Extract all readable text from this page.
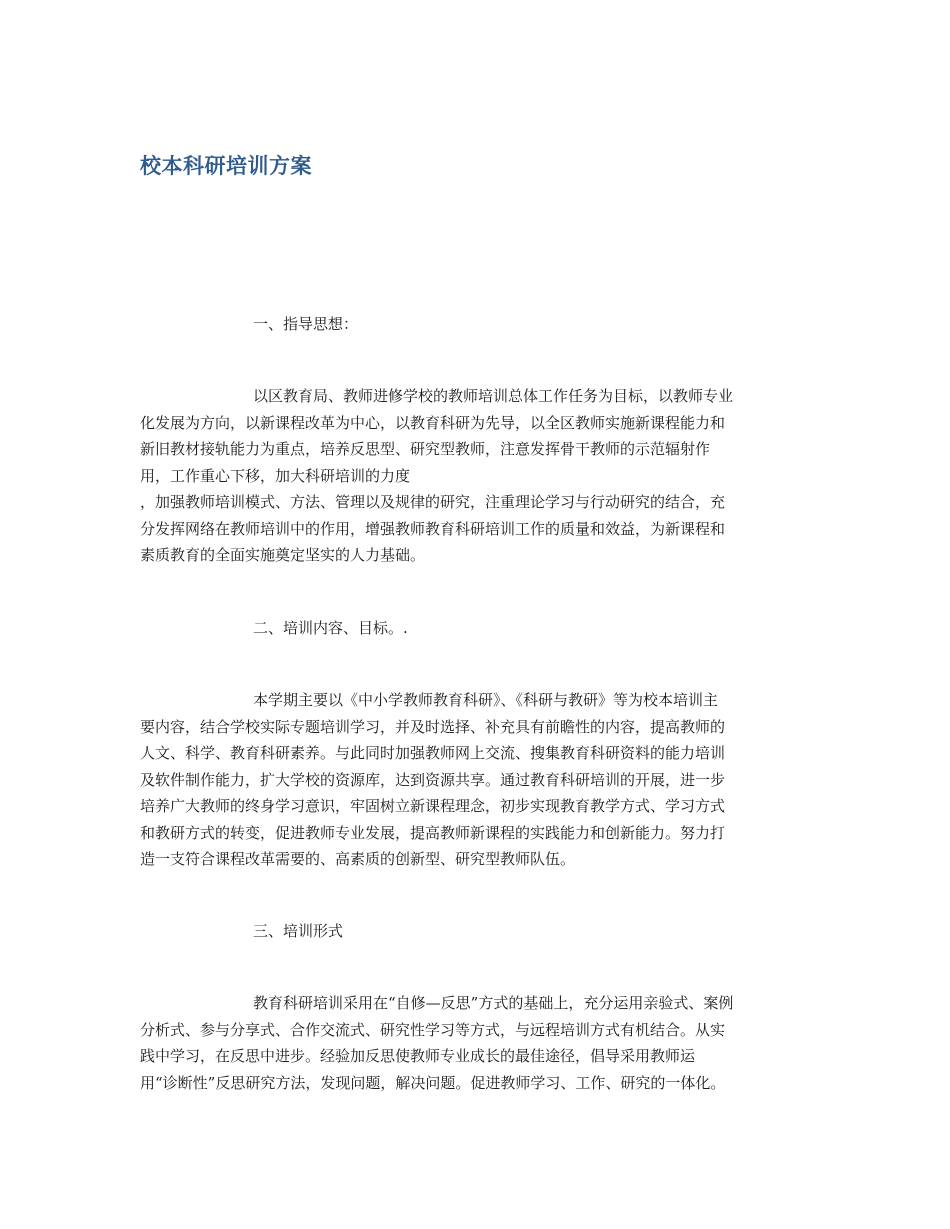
校本科研培训方案

一、指导思想：

以区教育局、教师进修学校的教师培训总体工作任务为目标，以教师专业
化发展为方向，以新课程改革为中心，以教育科研为先导，以全区教师实施新课程能力和
新旧教材接轨能力为重点，培养反思型、研究型教师，注意发挥骨干教师的示范辐射作
用，工作重心下移，加大科研培训的力度
，加强教师培训模式、方法、管理以及规律的研究，注重理论学习与行动研究的结合，充
分发挥网络在教师培训中的作用，增强教师教育科研培训工作的质量和效益，为新课程和
素质教育的全面实施奠定坚实的人力基础。

二、培训内容、目标。.

本学期主要以《中小学教师教育科研》、《科研与教研》等为校本培训主
要内容，结合学校实际专题培训学习，并及时选择、补充具有前瞻性的内容，提高教师的
人文、科学、教育科研素养。与此同时加强教师网上交流、搜集教育科研资料的能力培训
及软件制作能力，扩大学校的资源库，达到资源共享。通过教育科研培训的开展，进一步
培养广大教师的终身学习意识，牢固树立新课程理念，初步实现教育教学方式、学习方式
和教研方式的转变，促进教师专业发展，提高教师新课程的实践能力和创新能力。努力打
造一支符合课程改革需要的、高素质的创新型、研究型教师队伍。

三、培训形式

教育科研培训采用在“自修—反思”方式的基础上，充分运用亲验式、案例
分析式、参与分享式、合作交流式、研究性学习等方式，与远程培训方式有机结合。从实
践中学习，在反思中进步。经验加反思使教师专业成长的最佳途径，倡导采用教师运
用“诊断性”反思研究方法，发现问题，解决问题。促进教师学习、工作、研究的一体化。
